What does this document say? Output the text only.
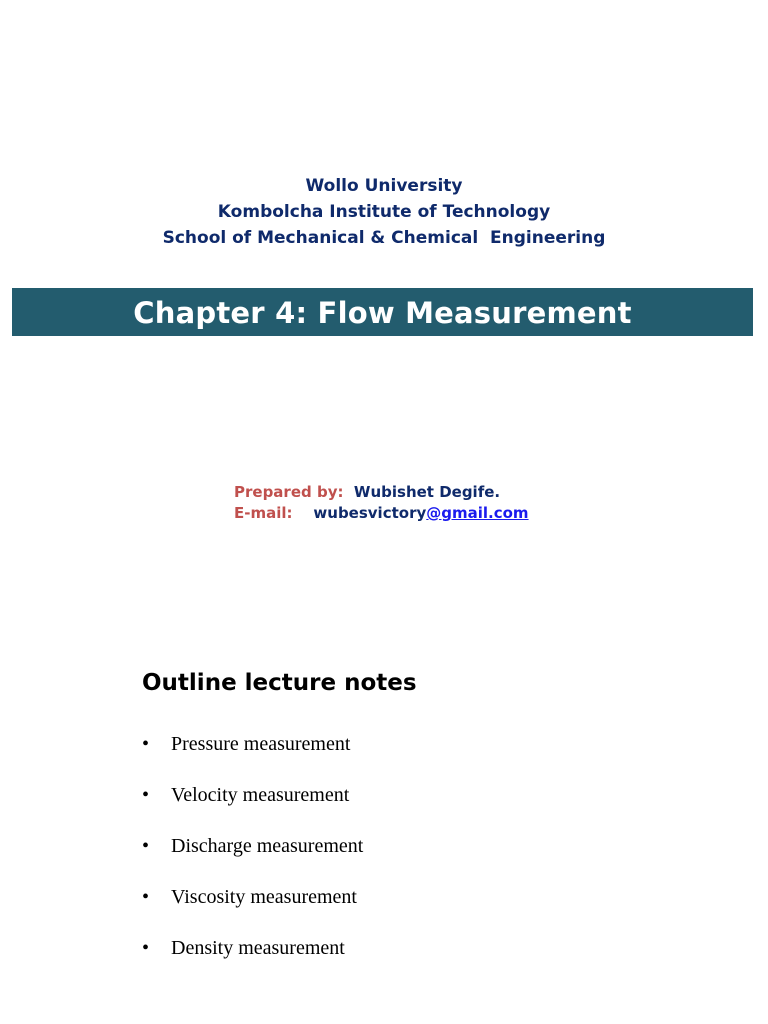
Wollo University
Kombolcha Institute of Technology
School of Mechanical & Chemical  Engineering
Chapter 4: Flow Measurement
Prepared by: Wubishet Degife.
E-mail: wubesvictory@gmail.com
Outline lecture notes
• Pressure measurement
• Velocity measurement
• Discharge measurement
• Viscosity measurement
• Density measurement
